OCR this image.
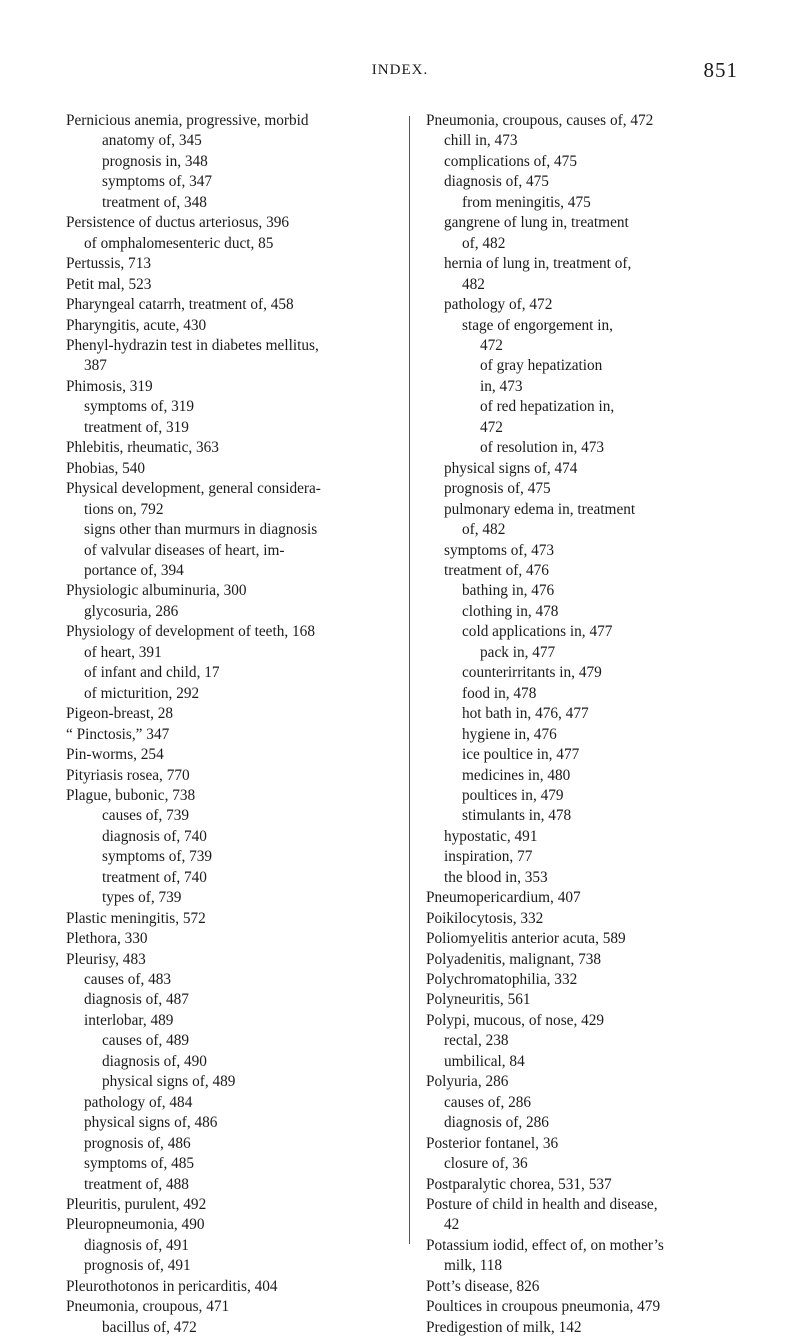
INDEX.	851
Pernicious anemia, progressive, morbid
anatomy of, 345
prognosis in, 348
symptoms of, 347
treatment of, 348
Persistence of ductus arteriosus, 396
of omphalomesenteric duct, 85
Pertussis, 713
Petit mal, 523
Pharyngeal catarrh, treatment of, 458
Pharyngitis, acute, 430
Phenyl-hydrazin test in diabetes mellitus,
387
Phimosis, 319
symptoms of, 319
treatment of, 319
Phlebitis, rheumatic, 363
Phobias, 540
Physical development, general considera-
tions on, 792
signs other than murmurs in diagnosis
of valvular diseases of heart, im-
portance of, 394
Physiologic albuminuria, 300
glycosuria, 286
Physiology of development of teeth, 168
of heart, 391
of infant and child, 17
of micturition, 292
Pigeon-breast, 28
“ Pinctosis,” 347
Pin-worms, 254
Pityriasis rosea, 770
Plague, bubonic, 738
causes of, 739
diagnosis of, 740
symptoms of, 739
treatment of, 740
types of, 739
Plastic meningitis, 572
Plethora, 330
Pleurisy, 483
causes of, 483
diagnosis of, 487
interlobar, 489
causes of, 489
diagnosis of, 490
physical signs of, 489
pathology of, 484
physical signs of, 486
prognosis of, 486
symptoms of, 485
treatment of, 488
Pleuritis, purulent, 492
Pleuropneumonia, 490
diagnosis of, 491
prognosis of, 491
Pleurothotonos in pericarditis, 404
Pneumonia, croupous, 471
bacillus of, 472
Pneumonia, croupous, causes of, 472
chill in, 473
complications of, 475
diagnosis of, 475
from meningitis, 475
gangrene of lung in, treatment
of, 482
hernia of lung in, treatment of,
482
pathology of, 472
stage of engorgement in,
472
of gray hepatization
in, 473
of red hepatization in,
472
of resolution in, 473
physical signs of, 474
prognosis of, 475
pulmonary edema in, treatment
of, 482
symptoms of, 473
treatment of, 476
bathing in, 476
clothing in, 478
cold applications in, 477
pack in, 477
counterirritants in, 479
food in, 478
hot bath in, 476, 477
hygiene in, 476
ice poultice in, 477
medicines in, 480
poultices in, 479
stimulants in, 478
hypostatic, 491
inspiration, 77
the blood in, 353
Pneumopericardium, 407
Poikilocytosis, 332
Poliomyelitis anterior acuta, 589
Polyadenitis, malignant, 738
Polychromatophilia, 332
Polyneuritis, 561
Polypi, mucous, of nose, 429
rectal, 238
umbilical, 84
Polyuria, 286
causes of, 286
diagnosis of, 286
Posterior fontanel, 36
closure of, 36
Postparalytic chorea, 531, 537
Posture of child in health and disease,
42
Potassium iodid, effect of, on mother’s
milk, 118
Pott’s disease, 826
Poultices in croupous pneumonia, 479
Predigestion of milk, 142
